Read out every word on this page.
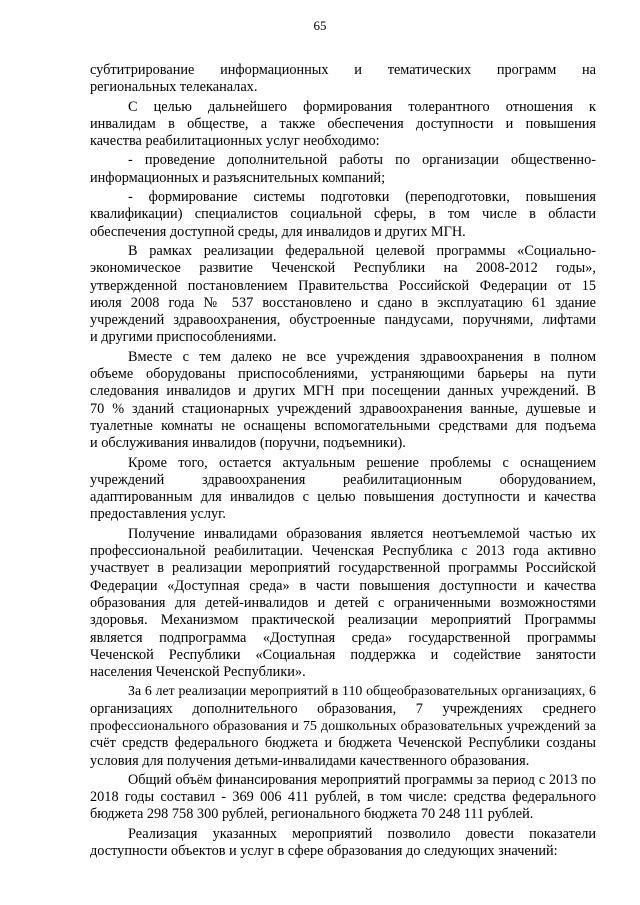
65
субтитрирование информационных и тематических программ на
региональных телеканалах.
С целью дальнейшего формирования толерантного отношения к
инвалидам в обществе, а также обеспечения доступности и повышения
качества реабилитационных услуг необходимо:
- проведение дополнительной работы по организации общественно-
информационных и разъяснительных компаний;
- формирование системы подготовки (переподготовки, повышения
квалификации) специалистов социальной сферы, в том числе в области
обеспечения доступной среды, для инвалидов и других МГН.
В рамках реализации федеральной целевой программы «Социально-
экономическое развитие Чеченской Республики на 2008-2012 годы»,
утвержденной постановлением Правительства Российской Федерации от 15
июля 2008 года № 537 восстановлено и сдано в эксплуатацию 61 здание
учреждений здравоохранения, обустроенные пандусами, поручнями, лифтами
и другими приспособлениями.
Вместе с тем далеко не все учреждения здравоохранения в полном
объеме оборудованы приспособлениями, устраняющими барьеры на пути
следования инвалидов и других МГН при посещении данных учреждений. В
70 % зданий стационарных учреждений здравоохранения ванные, душевые и
туалетные комнаты не оснащены вспомогательными средствами для подъема
и обслуживания инвалидов (поручни, подъемники).
Кроме того, остается актуальным решение проблемы с оснащением
учреждений здравоохранения реабилитационным оборудованием,
адаптированным для инвалидов с целью повышения доступности и качества
предоставления услуг.
Получение инвалидами образования является неотъемлемой частью их
профессиональной реабилитации. Чеченская Республика с 2013 года активно
участвует в реализации мероприятий государственной программы Российской
Федерации «Доступная среда» в части повышения доступности и качества
образования для детей-инвалидов и детей с ограниченными возможностями
здоровья. Механизмом практической реализации мероприятий Программы
является подпрограмма «Доступная среда» государственной программы
Чеченской Республики «Социальная поддержка и содействие занятости
населения Чеченской Республики».
За 6 лет реализации мероприятий в 110 общеобразовательных организациях, 6
организациях дополнительного образования, 7 учреждениях среднего
профессионального образования и 75 дошкольных образовательных учреждений за
счёт средств федерального бюджета и бюджета Чеченской Республики созданы
условия для получения детьми-инвалидами качественного образования.
Общий объём финансирования мероприятий программы за период с 2013 по
2018 годы составил - 369 006 411 рублей, в том числе: средства федерального
бюджета 298 758 300 рублей, регионального бюджета 70 248 111 рублей.
Реализация указанных мероприятий позволило довести показатели
доступности объектов и услуг в сфере образования до следующих значений:
